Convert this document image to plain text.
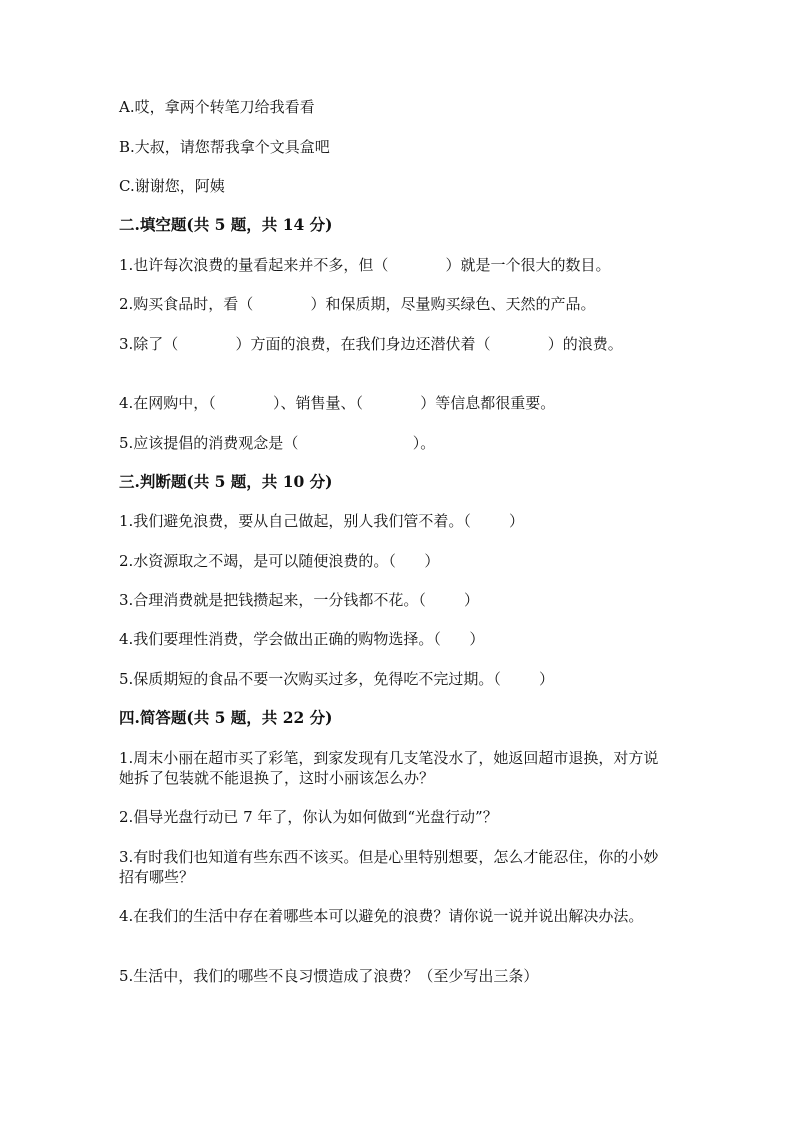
A.哎，拿两个转笔刀给我看看
B.大叔，请您帮我拿个文具盒吧
C.谢谢您，阿姨
二.填空题(共 5 题，共 14 分)
1.也许每次浪费的量看起来并不多，但（            ）就是一个很大的数目。
2.购买食品时，看（            ）和保质期，尽量购买绿色、天然的产品。
3.除了（            ）方面的浪费，在我们身边还潜伏着（            ）的浪费。
4.在网购中，（            ）、销售量、（            ）等信息都很重要。
5.应该提倡的消费观念是（                        ）。
三.判断题(共 5 题，共 10 分)
1.我们避免浪费，要从自己做起，别人我们管不着。（        ）
2.水资源取之不竭，是可以随便浪费的。（      ）
3.合理消费就是把钱攒起来，一分钱都不花。（        ）
4.我们要理性消费，学会做出正确的购物选择。（      ）
5.保质期短的食品不要一次购买过多，免得吃不完过期。（        ）
四.简答题(共 5 题，共 22 分)
1.周末小丽在超市买了彩笔，到家发现有几支笔没水了，她返回超市退换，对方说她拆了包装就不能退换了，这时小丽该怎么办？
2.倡导光盘行动已 7 年了，你认为如何做到“光盘行动”？
3.有时我们也知道有些东西不该买。但是心里特别想要，怎么才能忍住，你的小妙招有哪些？
4.在我们的生活中存在着哪些本可以避免的浪费？请你说一说并说出解决办法。
5.生活中，我们的哪些不良习惯造成了浪费？（至少写出三条）
